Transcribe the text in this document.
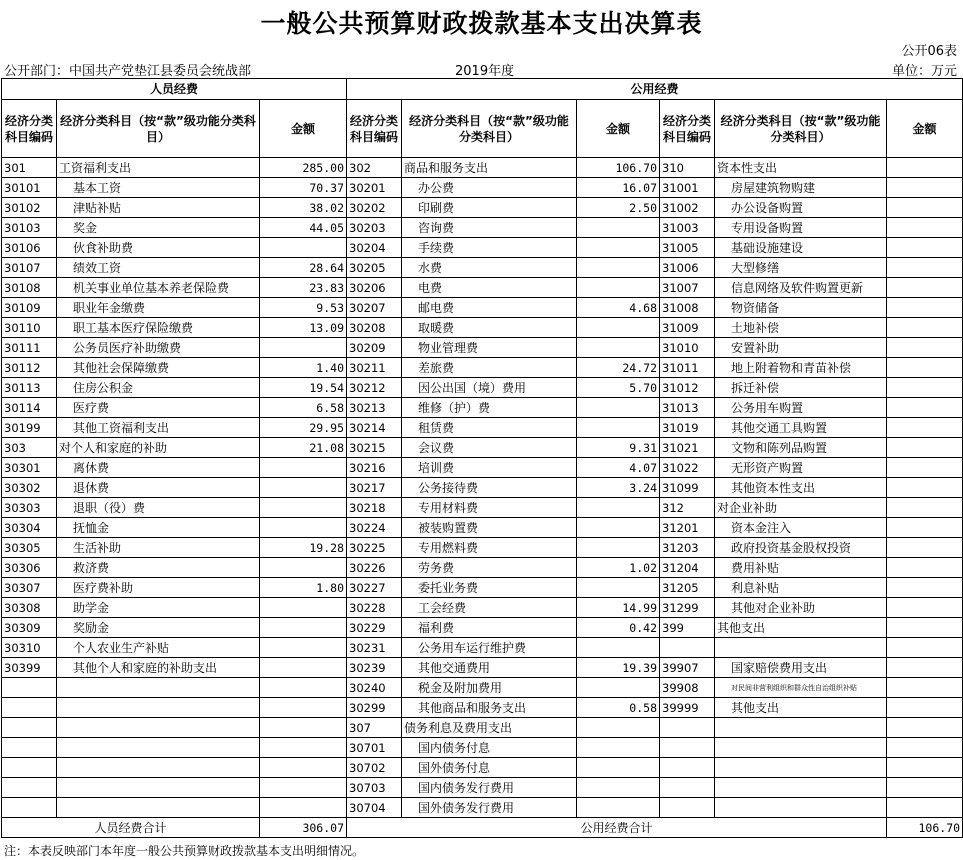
一般公共预算财政拨款基本支出决算表
公开06表
公开部门：中国共产党垫江县委员会统战部	2019年度	单位：万元
人员经费			公用经费					
经济分类科目编码	经济分类科目（按“款”级功能分类科目）	金额	经济分类科目编码	经济分类科目（按“款”级功能分类科目）	金额	经济分类科目编码	经济分类科目（按“款”级功能分类科目）	金额
301	工资福利支出	285.00	302	商品和服务支出	106.70	310	资本性支出	
30101	基本工资	70.37	30201	办公费	16.07	31001	房屋建筑物购建	
30102	津贴补贴	38.02	30202	印刷费	2.50	31002	办公设备购置	
30103	奖金	44.05	30203	咨询费		31003	专用设备购置	
30106	伙食补助费		30204	手续费		31005	基础设施建设	
30107	绩效工资	28.64	30205	水费		31006	大型修缮	
30108	机关事业单位基本养老保险费	23.83	30206	电费		31007	信息网络及软件购置更新	
30109	职业年金缴费	9.53	30207	邮电费	4.68	31008	物资储备	
30110	职工基本医疗保险缴费	13.09	30208	取暖费		31009	土地补偿	
30111	公务员医疗补助缴费		30209	物业管理费		31010	安置补助	
30112	其他社会保障缴费	1.40	30211	差旅费	24.72	31011	地上附着物和青苗补偿	
30113	住房公积金	19.54	30212	因公出国（境）费用	5.70	31012	拆迁补偿	
30114	医疗费	6.58	30213	维修（护）费		31013	公务用车购置	
30199	其他工资福利支出	29.95	30214	租赁费		31019	其他交通工具购置	
303	对个人和家庭的补助	21.08	30215	会议费	9.31	31021	文物和陈列品购置	
30301	离休费		30216	培训费	4.07	31022	无形资产购置	
30302	退休费		30217	公务接待费	3.24	31099	其他资本性支出	
30303	退职（役）费		30218	专用材料费		312	对企业补助	
30304	抚恤金		30224	被装购置费		31201	资本金注入	
30305	生活补助	19.28	30225	专用燃料费		31203	政府投资基金股权投资	
30306	救济费		30226	劳务费	1.02	31204	费用补贴	
30307	医疗费补助	1.80	30227	委托业务费		31205	利息补贴	
30308	助学金		30228	工会经费	14.99	31299	其他对企业补助	
30309	奖励金		30229	福利费	0.42	399	其他支出	
30310	个人农业生产补贴		30231	公务用车运行维护费				
30399	其他个人和家庭的补助支出		30239	其他交通费用	19.39	39907	国家赔偿费用支出	
			30240	税金及附加费用		39908	对民间非营利组织和群众性自治组织补贴	
			30299	其他商品和服务支出	0.58	39999	其他支出	
			307	债务利息及费用支出				
			30701	国内债务付息				
			30702	国外债务付息				
			30703	国内债务发行费用				
			30704	国外债务发行费用				
人员经费合计		306.07	公用经费合计					106.70
注：本表反映部门本年度一般公共预算财政拨款基本支出明细情况。
